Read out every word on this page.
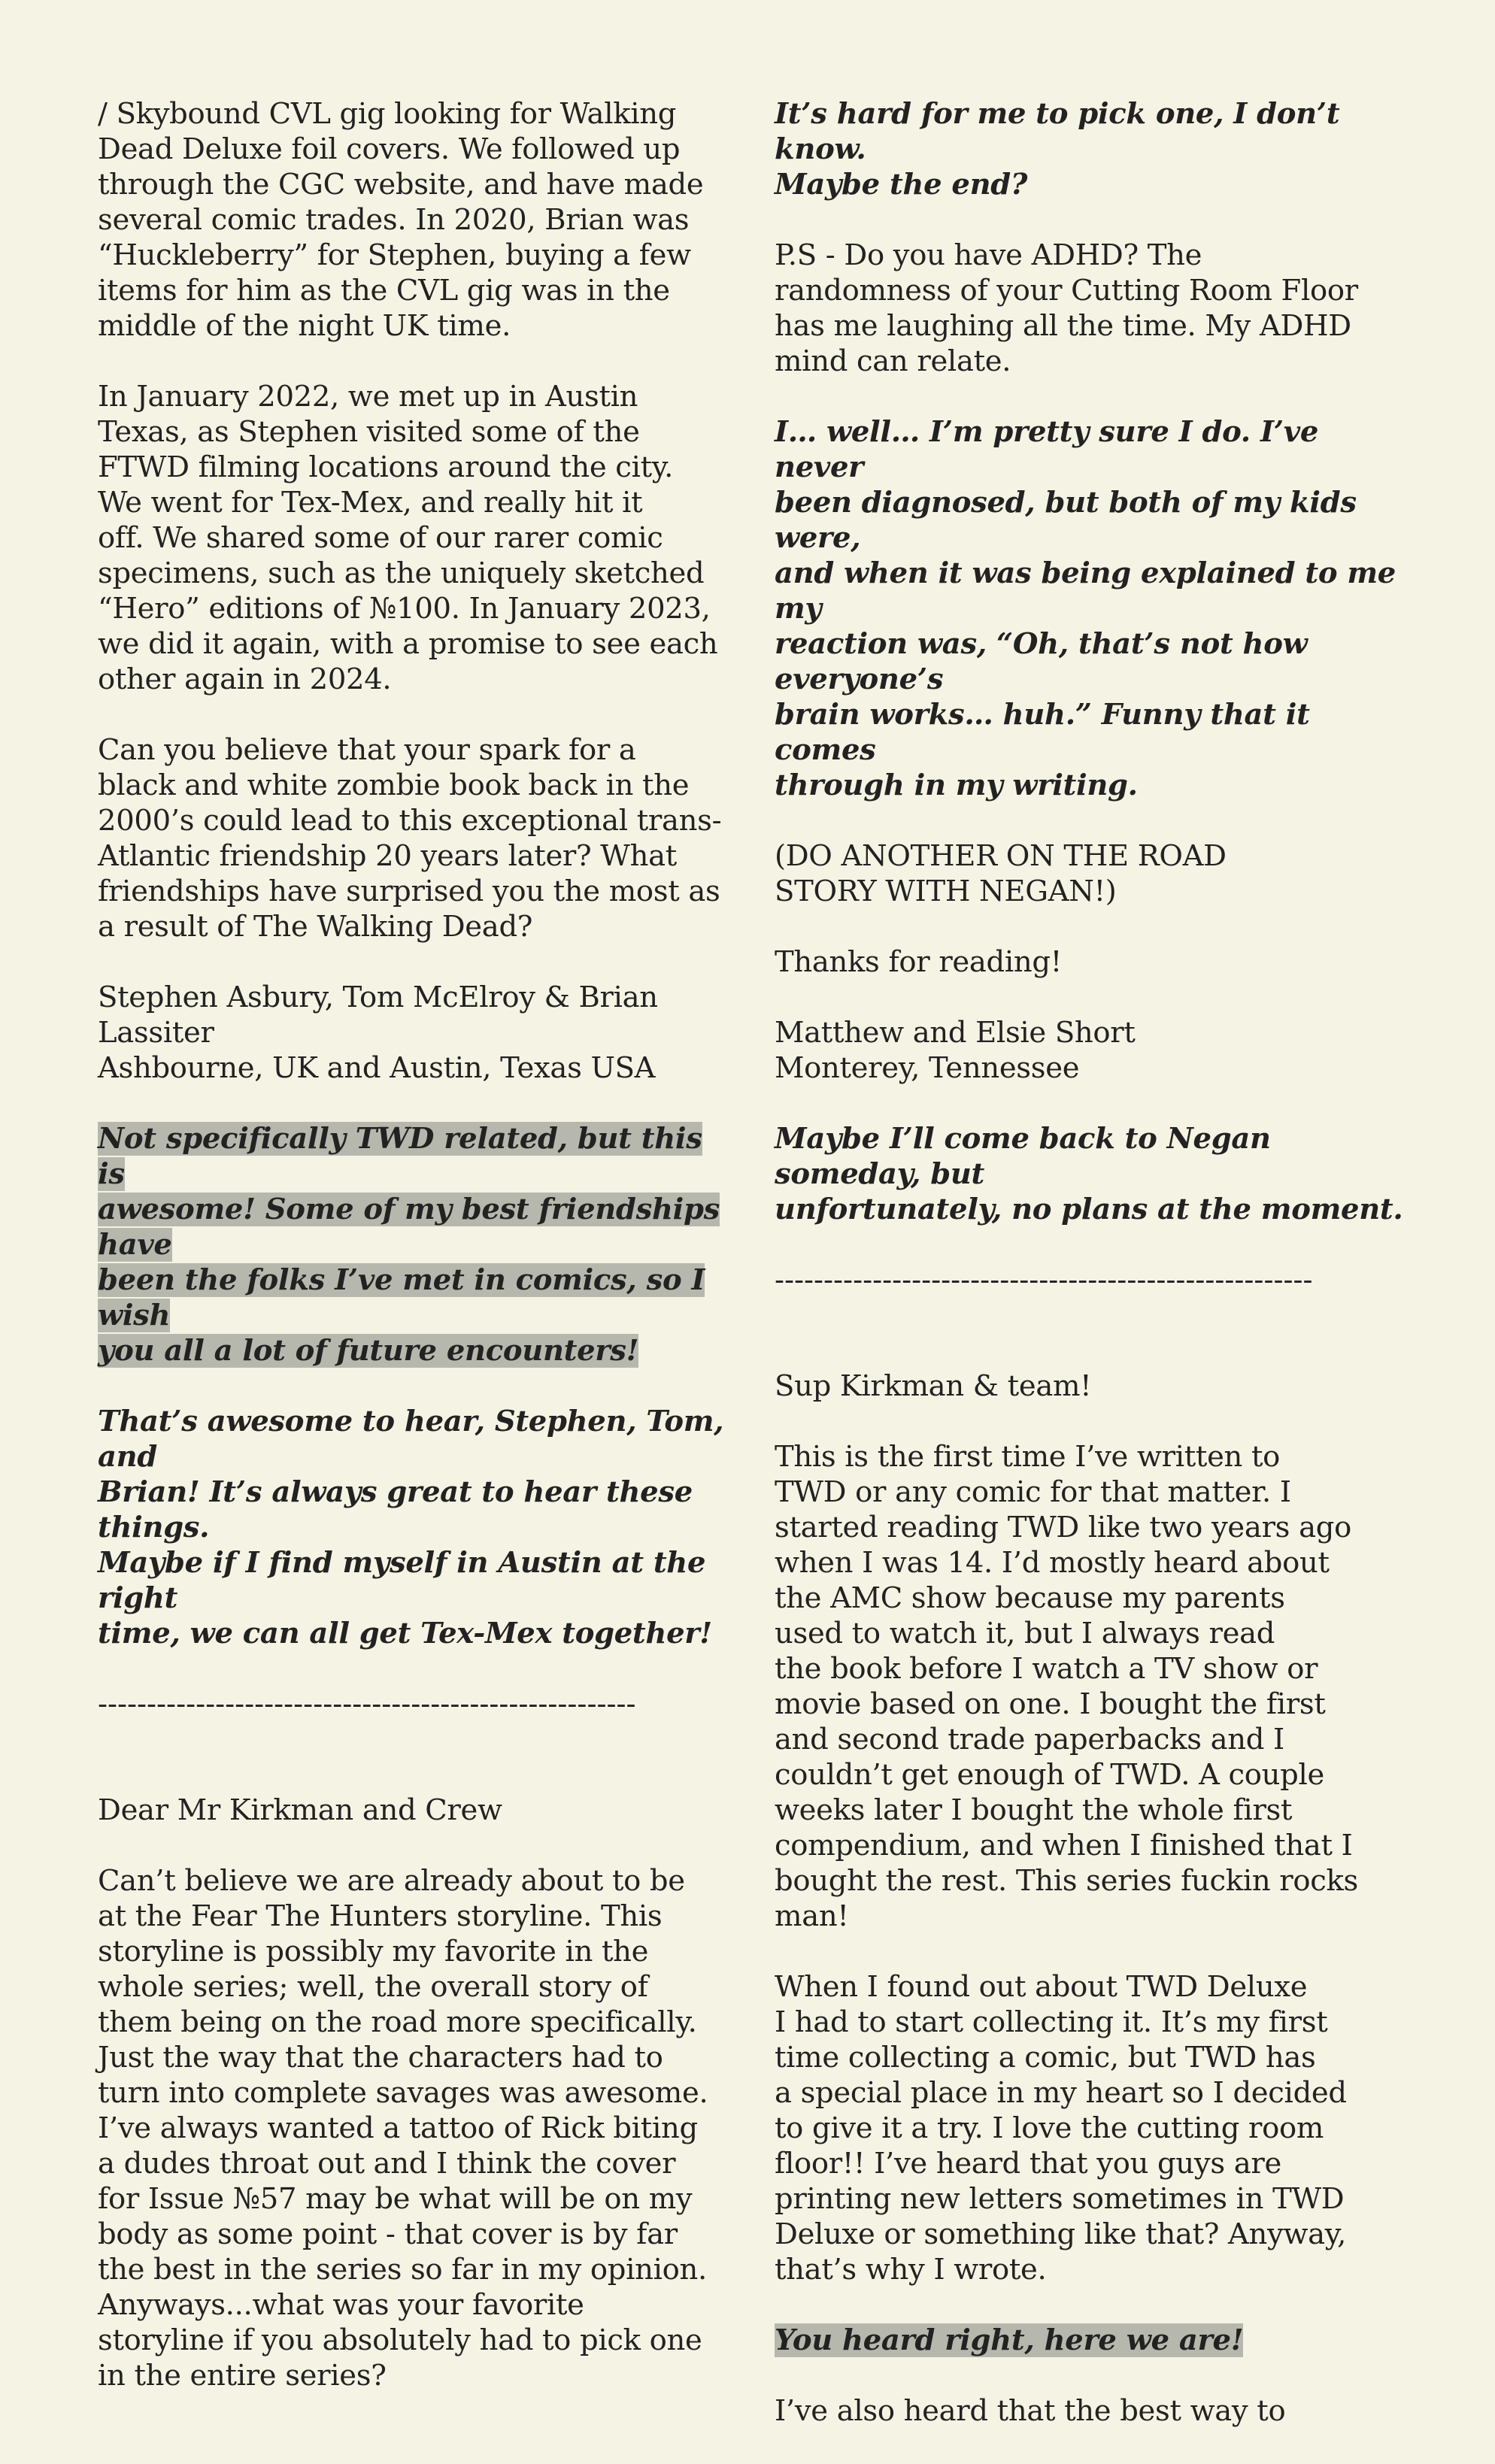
/ Skybound CVL gig looking for Walking
Dead Deluxe foil covers. We followed up
through the CGC website, and have made
several comic trades. In 2020, Brian was
“Huckleberry” for Stephen, buying a few
items for him as the CVL gig was in the
middle of the night UK time.

In January 2022, we met up in Austin
Texas, as Stephen visited some of the
FTWD filming locations around the city.
We went for Tex-Mex, and really hit it
off. We shared some of our rarer comic
specimens, such as the uniquely sketched
“Hero” editions of №100. In January 2023,
we did it again, with a promise to see each
other again in 2024.

Can you believe that your spark for a
black and white zombie book back in the
2000’s could lead to this exceptional trans-
Atlantic friendship 20 years later? What
friendships have surprised you the most as
a result of The Walking Dead?

Stephen Asbury, Tom McElroy & Brian
Lassiter
Ashbourne, UK and Austin, Texas USA

Not specifically TWD related, but this is
awesome! Some of my best friendships have
been the folks I’ve met in comics, so I wish
you all a lot of future encounters!

That’s awesome to hear, Stephen, Tom, and
Brian! It’s always great to hear these things.
Maybe if I find myself in Austin at the right
time, we can all get Tex-Mex together!

-------------------------------------------------------

Dear Mr Kirkman and Crew

Can’t believe we are already about to be
at the Fear The Hunters storyline. This
storyline is possibly my favorite in the
whole series; well, the overall story of
them being on the road more specifically.
Just the way that the characters had to
turn into complete savages was awesome.
I’ve always wanted a tattoo of Rick biting
a dudes throat out and I think the cover
for Issue №57 may be what will be on my
body as some point - that cover is by far
the best in the series so far in my opinion.
Anyways...what was your favorite
storyline if you absolutely had to pick one
in the entire series?

It’s hard for me to pick one, I don’t know.
Maybe the end?

P.S - Do you have ADHD? The
randomness of your Cutting Room Floor
has me laughing all the time. My ADHD
mind can relate.

I… well… I’m pretty sure I do. I’ve never
been diagnosed, but both of my kids were,
and when it was being explained to me my
reaction was, “Oh, that’s not how everyone’s
brain works… huh.” Funny that it comes
through in my writing.

(DO ANOTHER ON THE ROAD
STORY WITH NEGAN!)

Thanks for reading!

Matthew and Elsie Short
Monterey, Tennessee

Maybe I’ll come back to Negan someday, but
unfortunately, no plans at the moment.

-------------------------------------------------------

Sup Kirkman & team!

This is the first time I’ve written to
TWD or any comic for that matter. I
started reading TWD like two years ago
when I was 14. I’d mostly heard about
the AMC show because my parents
used to watch it, but I always read
the book before I watch a TV show or
movie based on one. I bought the first
and second trade paperbacks and I
couldn’t get enough of TWD. A couple
weeks later I bought the whole first
compendium, and when I finished that I
bought the rest. This series fuckin rocks
man!

When I found out about TWD Deluxe
I had to start collecting it. It’s my first
time collecting a comic, but TWD has
a special place in my heart so I decided
to give it a try. I love the cutting room
floor!! I’ve heard that you guys are
printing new letters sometimes in TWD
Deluxe or something like that? Anyway,
that’s why I wrote.

You heard right, here we are!

I’ve also heard that the best way to
